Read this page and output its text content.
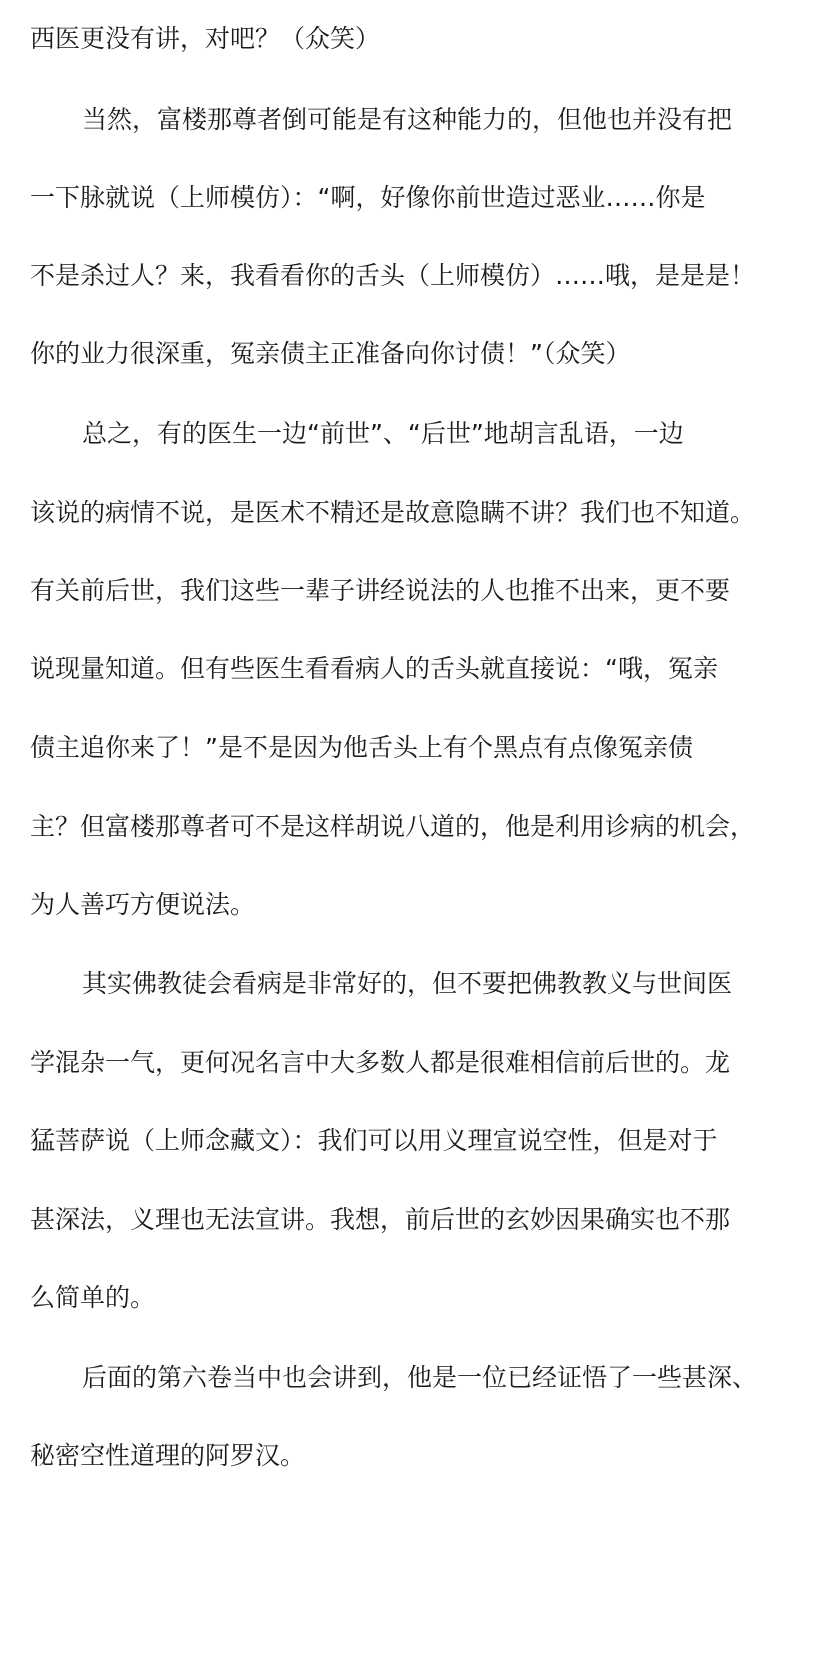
西医更没有讲，对吧？（众笑）
当然，富楼那尊者倒可能是有这种能力的，但他也并没有把
一下脉就说（上师模仿）：“啊，好像你前世造过恶业……你是
不是杀过人？来，我看看你的舌头（上师模仿）……哦，是是是！
你的业力很深重，冤亲债主正准备向你讨债！”（众笑）
总之，有的医生一边“前世”、“后世”地胡言乱语，一边
该说的病情不说，是医术不精还是故意隐瞒不讲？我们也不知道。
有关前后世，我们这些一辈子讲经说法的人也推不出来，更不要
说现量知道。但有些医生看看病人的舌头就直接说：“哦，冤亲
债主追你来了！”是不是因为他舌头上有个黑点有点像冤亲债
主？但富楼那尊者可不是这样胡说八道的，他是利用诊病的机会，
为人善巧方便说法。
其实佛教徒会看病是非常好的，但不要把佛教教义与世间医
学混杂一气，更何况名言中大多数人都是很难相信前后世的。龙
猛菩萨说（上师念藏文）：我们可以用义理宣说空性，但是对于
甚深法，义理也无法宣讲。我想，前后世的玄妙因果确实也不那
么简单的。
后面的第六卷当中也会讲到，他是一位已经证悟了一些甚深、
秘密空性道理的阿罗汉。
